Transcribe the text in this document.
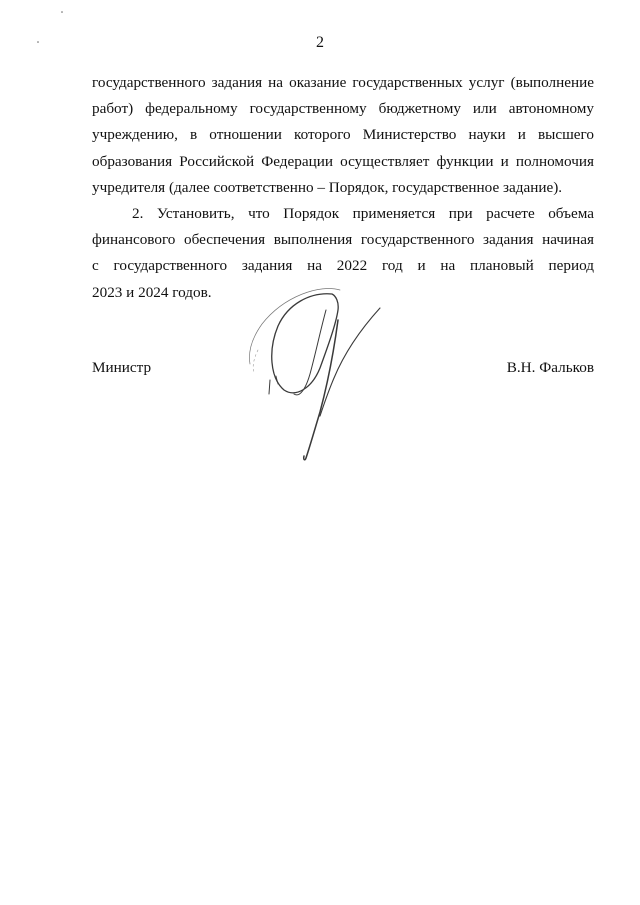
2
государственного задания на оказание государственных услуг (выполнение
работ) федеральному государственному бюджетному или автономному
учреждению, в отношении которого Министерство науки и высшего
образования Российской Федерации осуществляет функции и полномочия
учредителя (далее соответственно – Порядок, государственное задание).
2. Установить, что Порядок применяется при расчете объема
финансового обеспечения выполнения государственного задания начиная
с государственного задания на 2022 год и на плановый период
2023 и 2024 годов.
Министр	В.Н. Фальков
